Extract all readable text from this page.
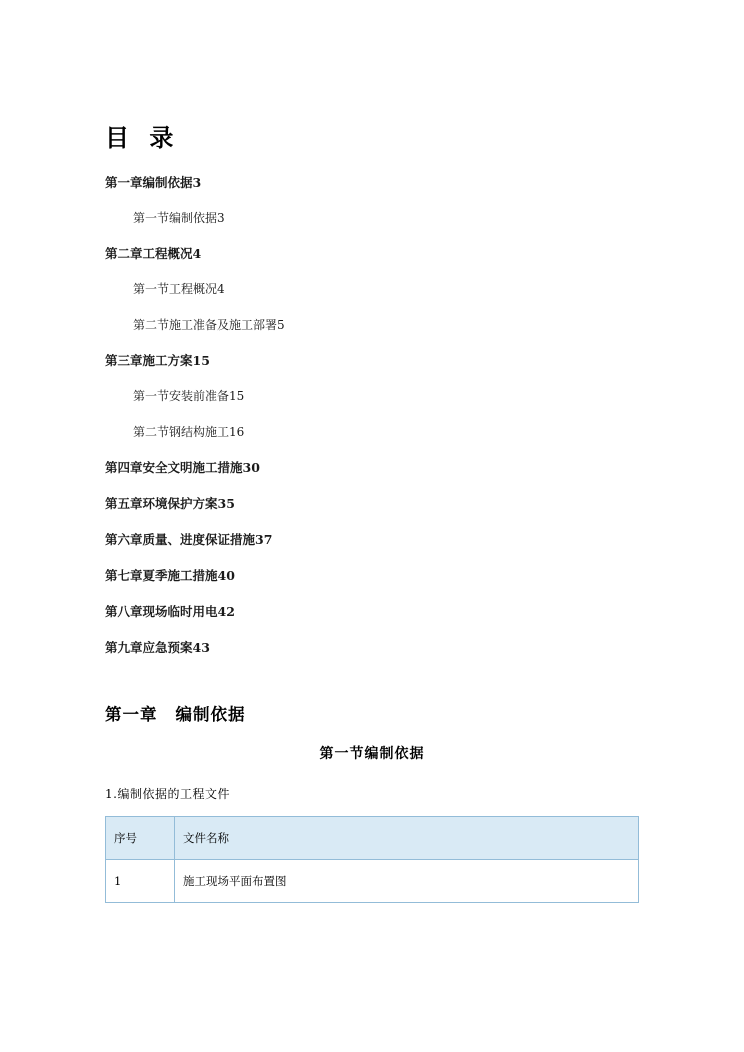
目 录
第一章编制依据3
第一节编制依据3
第二章工程概况4
第一节工程概况4
第二节施工准备及施工部署5
第三章施工方案15
第一节安装前准备15
第二节钢结构施工16
第四章安全文明施工措施30
第五章环境保护方案35
第六章质量、进度保证措施37
第七章夏季施工措施40
第八章现场临时用电42
第九章应急预案43
第一章 编制依据
第一节编制依据
1.编制依据的工程文件
序号	文件名称
1	施工现场平面布置图
